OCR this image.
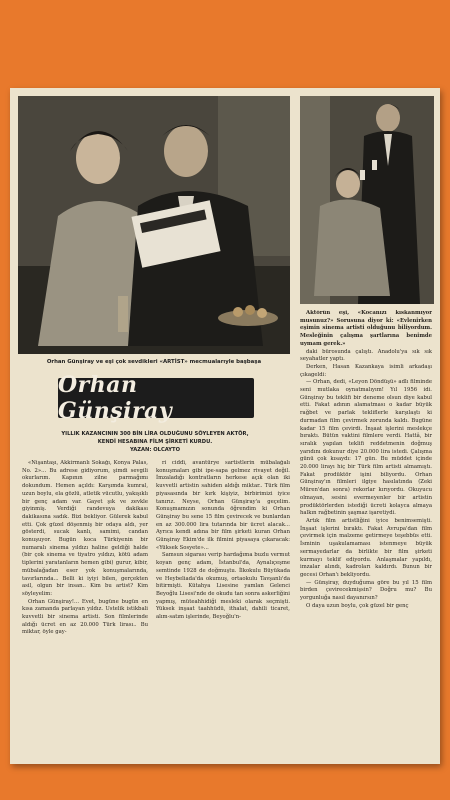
Orhan Günşiray ve eşi çok sevdikleri «ARTİST» mecmualarıyle başbaşa
Orhan Günşiray
YILLIK KAZANCININ 300 BİN LİRA OLDUĞUNU SÖYLEYEN AKTÖR,
KENDİ HESABINA FİLM ŞİRKETİ KURDU.
YAZAN: OLCAYTO

«Nişantaşı, Akkirmanlı Sokağı, Konya Palas, No. 2»... Bu adrese gidiyorum, şimdi sevgili okurlarım. Kapının zilne parmağımı dokundum. Hemen açıldı: Karşımda kumral, uzun boylu, ela gözlü, atletik vücutlu, yakışıklı bir genç adam var. Gayet şık ve zevkle giyinmiş. Verdiği randevuya dakikası dakikasına sadık. Bizi bekliyor. Gülerek kabul etti. Çok güzel döşenmiş bir odaya aldı, yer gösterdi, sucak kanlı, samimi, candan konuşuyor. Bugün koca Türkiyenin bir numaralı sinema yıldızı haline geldiği halde (bir çok sinema ve tiyatro yıldızı, kötü adam tiplerini yaratanların hemen gibi) gurur, kibir, mübalağadan eser yok konuşmalarında, tavırlarında... Belli ki iyiyi bilen, gerçekten asil, olgun bir insan.. Kim bu artist? Kim söyleyelim:

Orhan Günşiray!... Evet, bugüne bugün en kısa zamanda parlayan yıldız. Ustelik istikbali kuvvetli bir sinema artisti. Son filmlerinde aldığı ücret en az 20.000 Türk lirası.. Bu miktar, öyle gay-

ri ciddî, avantürye sartistlerin mübalağalı konuşmaları gibi ipe-sapa gelmez rivayet değil. İmzaladığı kontratların herkese açık olan iki kuvvetli artistin sahiden aldığı miktar.. Türk film piyasasında bir kırk kişiyiz, birbirimizi iyice tanırız. Neyse, Orhan Günşiray'a geçelim. Konuşmamızın sonunda öğrendim ki Orhan Günşiray bu sene 15 film çevirecek ve bunlardan en az 300.000 lira tutarında bir ücret alacak... Ayrıca kendi adına bir film şirketi kuran Orhan Günşiray Ekim'de ilk filmini piyasaya çıkaracak: «Yüksek Sosyete»...

Samsun sigarası verip hardağıma buzlu vermut koyan genç adam, İstanbul'da, Aynalıçeşme semtinde 1928 de doğmuştu. İlkokulu Büyükada ve Heybeliada'da okumuş, ortaokulu Tavşanlı'da bitirmişti. Kütahya Lisesine yamlan Gelenci Beyoğlu Lisesi'nde de okudu tan sonra askerliğini yapmış, müteahhidiği mesleki olarak seçmişti. Yüksek inşaat taahhüdü, ithalat, dahili ticaret, alım-satım işlerinde, Beyoğlu'n-

Aktörün eşi, «Kocanızı kıskanmıyor musunuz?» Sorusuna diyor ki: «Evlenirken eşimin sinema artisti olduğunu biliyordum. Mesleğinin çalışma şartlarına benimde uymam gerek.»

daki bürosunda çalıştı. Anadolu'ya sık sık seyahatler yaptı.

Derken, Hasan Kazankaya isimli arkadaşı çıkageldi:

— Orhan, dedi, «Leyon Döndüşü» adlı filminde seni mutlaka oynatmalıyım! Yıl 1956 idi. Günşiray bu teklifi bir deneme olsun diye kabul etti. Fakat adının alamatması o kadar büyük rağbet ve parlak tekliflerle karşılaştı ki durmadan film çevirmek zorunda kaldı. Bugüne kadar 15 film çevirdi. İnşaat işlerini meslekçe bıraktı. Bütün vaktini filmlere verdi. Hattâ, bir sıralık yapılan teklifi reddetmenin doğmuş yarıdını dokunur diye 20.000 lira istedi. Çalışma günü çok kısaydı: 17 gün. Bu müddet içinde 20.000 lirayı hiç bir Türk film artisti almamıştı. Fakat prodüktör işini biliyordu. Orhan Günşiray'ın filmleri ilgiye hasılatında (Zeki Müren'dan sonra) rekorlar kırıyordu. Okuyucu olmayan, sesini evermeyenler bir artistin prodüktörlerden istediği ücreti kolayca almaya halkın rağbetinin şaşmaz işaretiydi.

Artık film artistliğini iyice benimsemişti. İnşaat işlerini bıraktı. Fakat Avrupa'dan film çevirmek için malzeme getirmeye teşebbüs etti. İsminin uşakulamaması istenmeye büyük sermayedarlar da birlikte bir film şirketi kurmayı teklif ediyordu. Anlaşmalar yapıldı, imzalar alındı, kadroları kaldırdı. Bunun bir gecesi Orhan'ı bekliyordu.

— Günşiray, duyduğuma göre bu yıl 15 film birden çevirecekmişsin? Doğru mu? Bu yorgunluğa nasıl dayanırsın?

O daya uzun boylu, çok güzel bir genç
